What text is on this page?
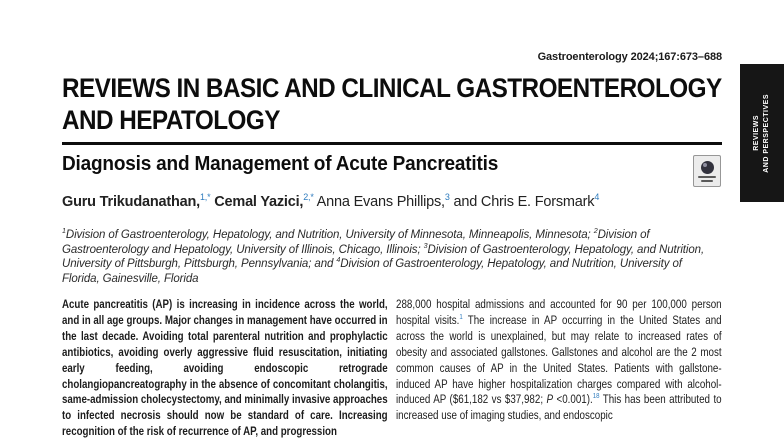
Gastroenterology 2024;167:673–688
REVIEWS IN BASIC AND CLINICAL GASTROENTEROLOGY
AND HEPATOLOGY
Diagnosis and Management of Acute Pancreatitis
Guru Trikudanathan,$^{1,*}$ Cemal Yazici,$^{2,*}$ Anna Evans Phillips,$^3$ and Chris E. Forsmark$^4$
$^1$Division of Gastroenterology, Hepatology, and Nutrition, University of Minnesota, Minneapolis, Minnesota; $^2$Division of Gastroenterology and Hepatology, University of Illinois, Chicago, Illinois; $^3$Division of Gastroenterology, Hepatology, and Nutrition, University of Pittsburgh, Pittsburgh, Pennsylvania; and $^4$Division of Gastroenterology, Hepatology, and Nutrition, University of Florida, Gainesville, Florida
Acute pancreatitis (AP) is increasing in incidence across the world, and in all age groups. Major changes in management have occurred in the last decade. Avoiding total parenteral nutrition and prophylactic antibiotics, avoiding overly aggressive fluid resuscitation, initiating early feeding, avoiding endoscopic retrograde cholangiopancreatography in the absence of concomitant cholangitis, same-admission cholecystectomy, and minimally invasive approaches to infected necrosis should now be standard of care. Increasing recognition of the risk of recurrence of AP, and progression
288,000 hospital admissions and accounted for 90 per 100,000 person hospital visits.$^1$ The increase in AP occurring in the United States and across the world is unexplained, but may relate to increased rates of obesity and associated gallstones. Gallstones and alcohol are the 2 most common causes of AP in the United States. Patients with gallstone-induced AP have higher hospitalization charges compared with alcohol-induced AP ($61,182 vs $37,982; P <0.001).$^{18}$ This has been attributed to increased use of imaging studies, and endoscopic
REVIEWS AND PERSPECTIVES
